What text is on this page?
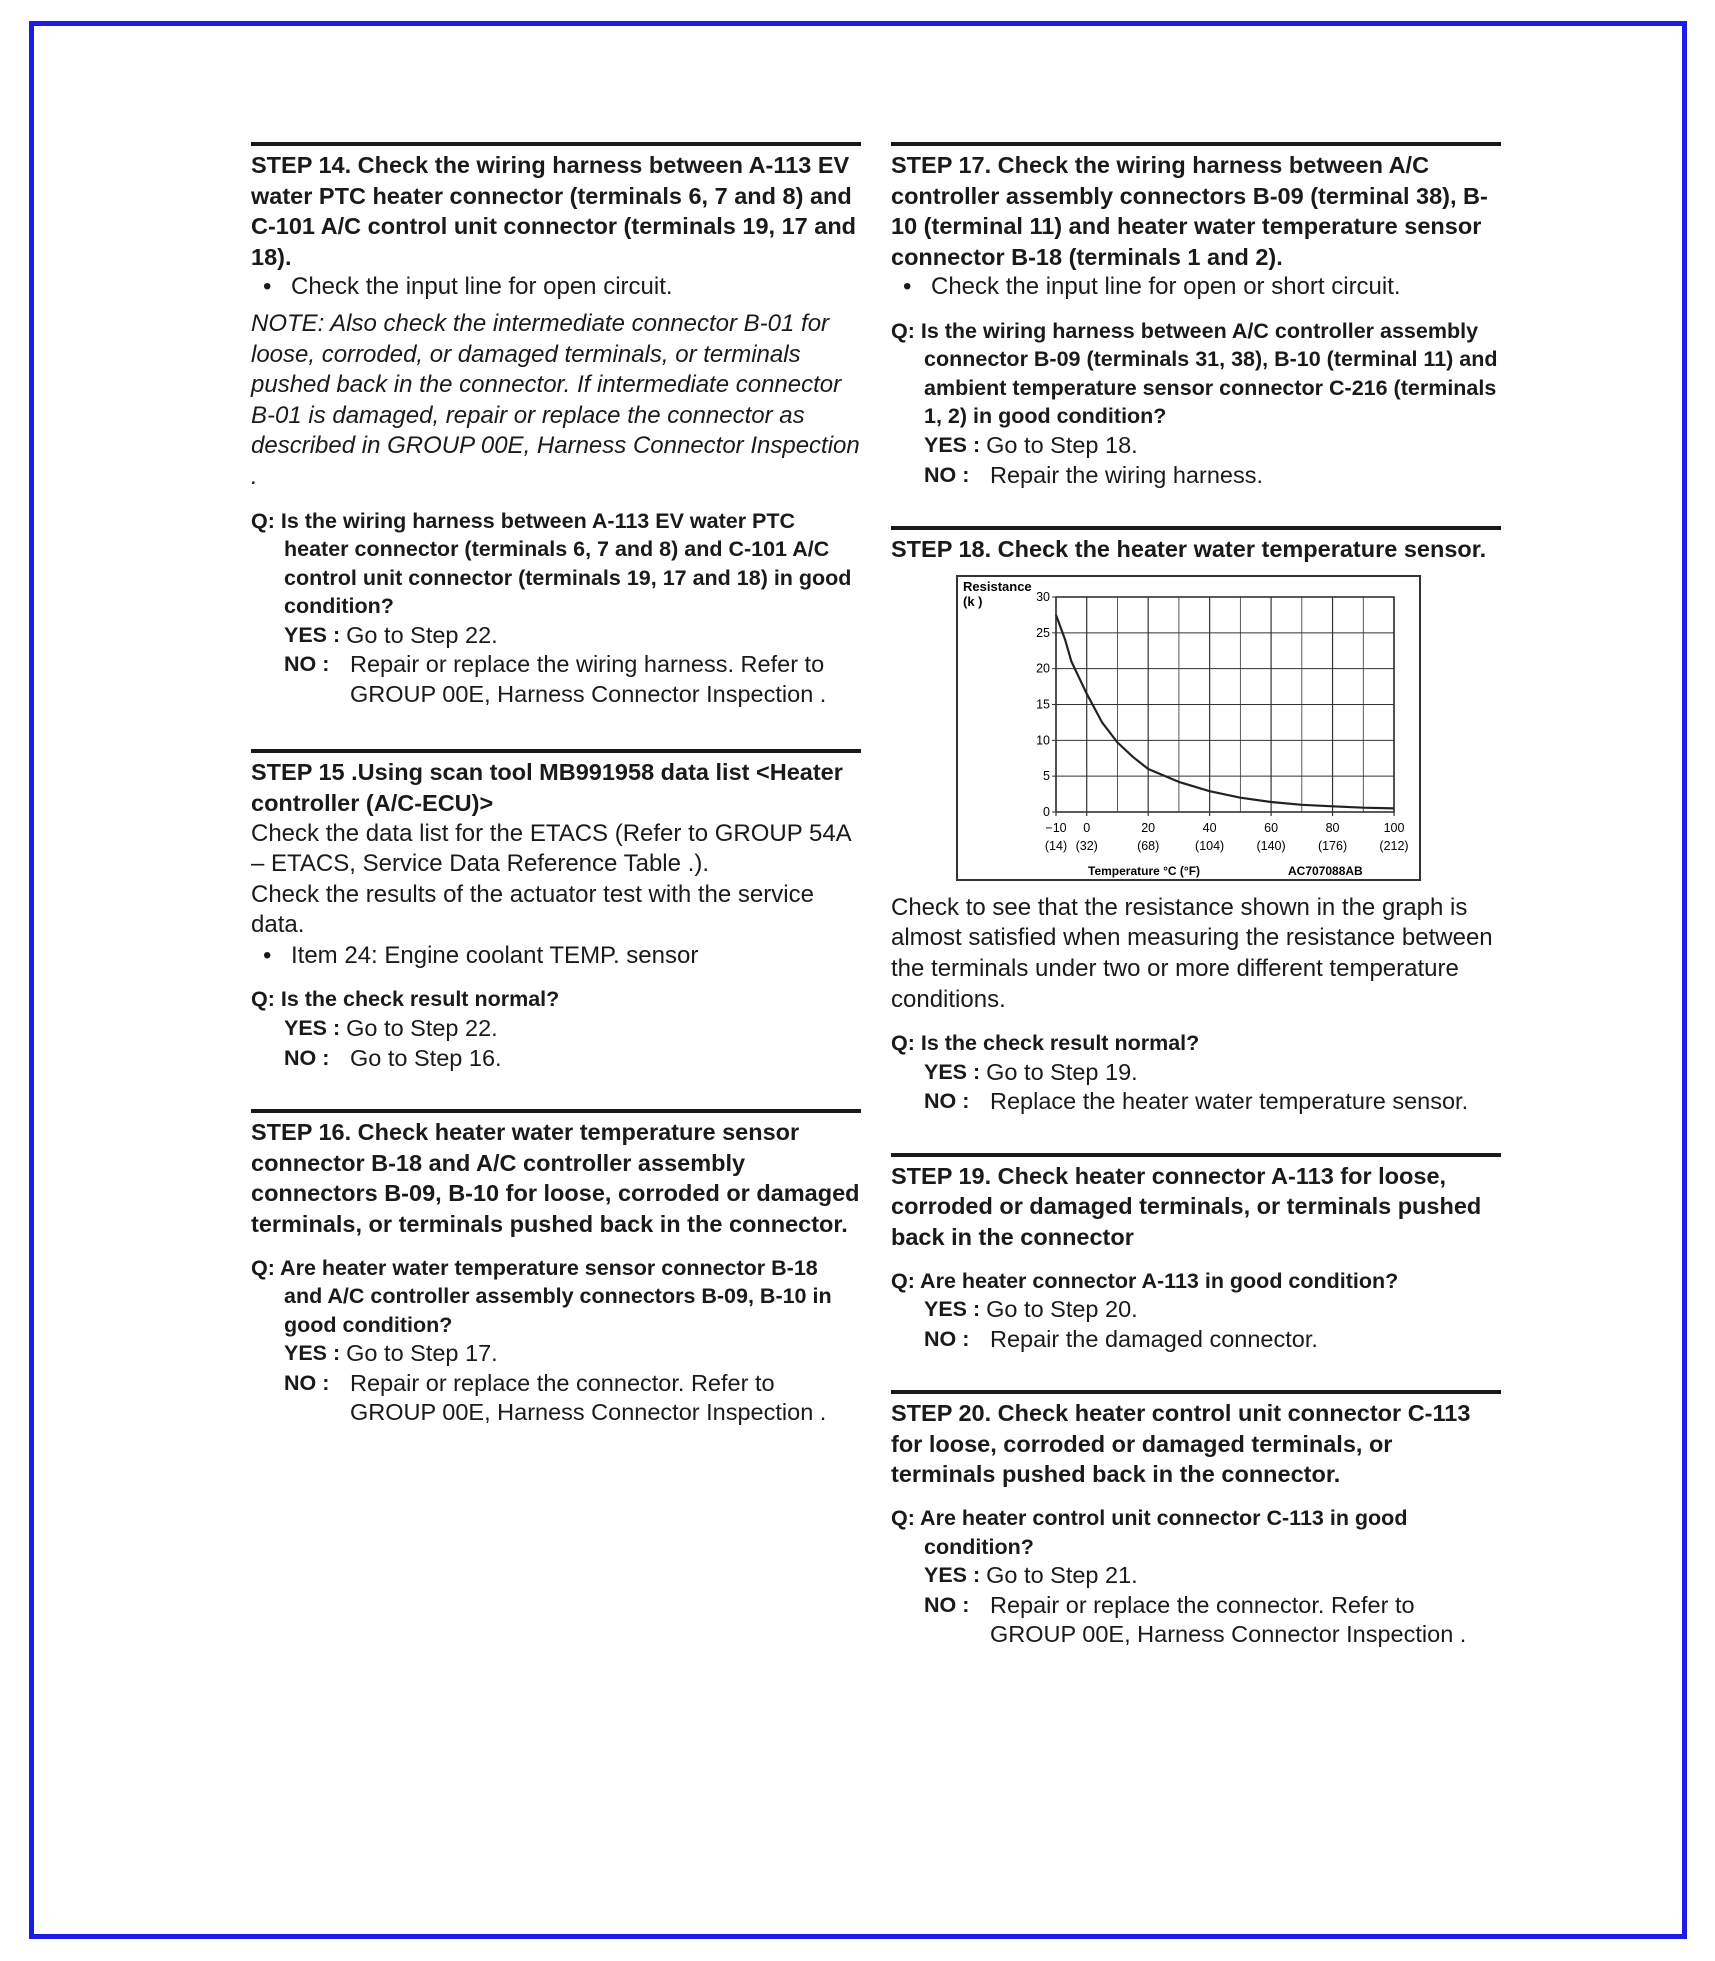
STEP 14. Check the wiring harness between A-113 EV water PTC heater connector (terminals 6, 7 and 8) and C-101 A/C control unit connector (terminals 19, 17 and 18).

• Check the input line for open circuit.

NOTE: Also check the intermediate connector B-01 for loose, corroded, or damaged terminals, or terminals pushed back in the connector. If intermediate connector B-01 is damaged, repair or replace the connector as described in GROUP 00E, Harness Connector Inspection .

Q: Is the wiring harness between A-113 EV water PTC heater connector (terminals 6, 7 and 8) and C-101 A/C control unit connector (terminals 19, 17 and 18) in good condition?

YES : Go to Step 22.
NO : Repair or replace the wiring harness. Refer to GROUP 00E, Harness Connector Inspection .

STEP 15 .Using scan tool MB991958 data list <Heater controller (A/C-ECU)>

Check the data list for the ETACS (Refer to GROUP 54A – ETACS, Service Data Reference Table .).

Check the results of the actuator test with the service data.

• Item 24: Engine coolant TEMP. sensor

Q: Is the check result normal?

YES : Go to Step 22.
NO : Go to Step 16.

STEP 16. Check heater water temperature sensor connector B-18 and A/C controller assembly connectors B-09, B-10 for loose, corroded or damaged terminals, or terminals pushed back in the connector.

Q: Are heater water temperature sensor connector B-18 and A/C controller assembly connectors B-09, B-10 in good condition?

YES : Go to Step 17.
NO : Repair or replace the connector. Refer to GROUP 00E, Harness Connector Inspection .

STEP 17. Check the wiring harness between A/C controller assembly connectors B-09 (terminal 38), B-10 (terminal 11) and heater water temperature sensor connector B-18 (terminals 1 and 2).

• Check the input line for open or short circuit.

Q: Is the wiring harness between A/C controller assembly connector B-09 (terminals 31, 38), B-10 (terminal 11) and ambient temperature sensor connector C-216 (terminals 1, 2) in good condition?

YES : Go to Step 18.
NO : Repair the wiring harness.

STEP 18. Check the heater water temperature sensor.

Resistance
(k )
Temperature °C (°F)	AC707088AB
−10
(14)
0
(32)
20
(68)
40
(104)
60
(140)
80
(176)
100
(212)
0
5
10
15
20
25
30

Check to see that the resistance shown in the graph is almost satisfied when measuring the resistance between the terminals under two or more different temperature conditions.

Q: Is the check result normal?

YES : Go to Step 19.
NO : Replace the heater water temperature sensor.

STEP 19. Check heater connector A-113 for loose, corroded or damaged terminals, or terminals pushed back in the connector

Q: Are heater connector A-113 in good condition?

YES : Go to Step 20.
NO : Repair the damaged connector.

STEP 20. Check heater control unit connector C-113 for loose, corroded or damaged terminals, or terminals pushed back in the connector.

Q: Are heater control unit connector C-113 in good condition?

YES : Go to Step 21.
NO : Repair or replace the connector. Refer to GROUP 00E, Harness Connector Inspection .
